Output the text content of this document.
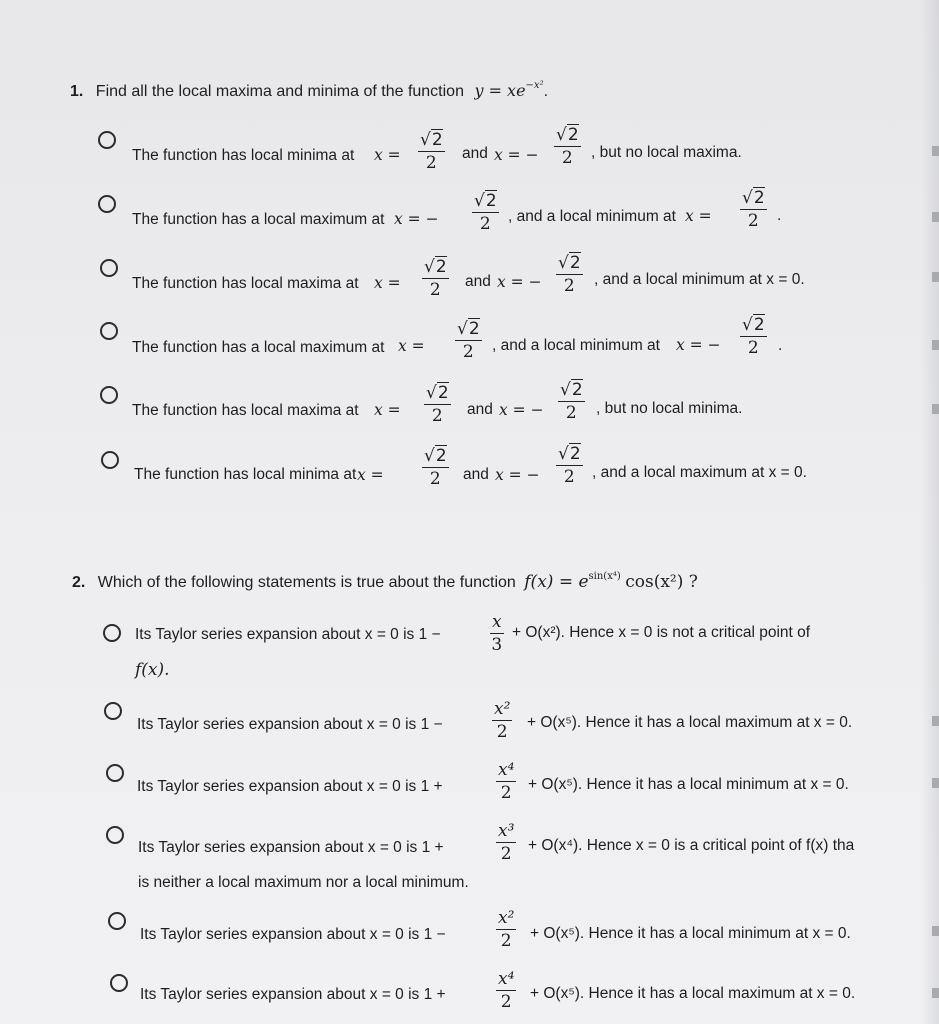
1. Find all the local maxima and minima of the function $y = xe^{-x^2}$.
The function has local minima at $x = \frac{√2}{2}$ and x = − $\frac{√2}{2}$ , but no local maxima.
The function has a local maximum at x = − $\frac{√2}{2}$ , and a local minimum at $x = \frac{√2}{2}$ .
The function has local maxima at $x = \frac{√2}{2}$ and x = − $\frac{√2}{2}$ , and a local minimum at x = 0.
The function has a local maximum at $x = \frac{√2}{2}$ , and a local minimum at x = − $\frac{√2}{2}$ .
The function has local maxima at $x = \frac{√2}{2}$ and x = − $\frac{√2}{2}$ , but no local minima.
The function has local minima at $x = \frac{√2}{2}$ and x = − $\frac{√2}{2}$ , and a local maximum at x = 0.
2. Which of the following statements is true about the function $f(x) = e^{sin(x^4)}$ cos(x²) ?
Its Taylor series expansion about x = 0 is 1 −	$\frac{x}{3} + O(x^2)$. Hence x = 0 is not a critical point of
f(x).
Its Taylor series expansion about x = 0 is 1 −	$\frac{\text{x²}}{2} + O(x^5)$. Hence it has a local maximum at x = 0.
Its Taylor series expansion about x = 0 is 1 +	$\frac{\text{x⁴}}{2} + O(x^5)$. Hence it has a local minimum at x = 0.
Its Taylor series expansion about x = 0 is 1 +	$\frac{\text{x³}}{2} + O(x^4)$. Hence x = 0 is a critical point of f(x) tha
is neither a local maximum nor a local minimum.
Its Taylor series expansion about x = 0 is 1 −	$\frac{\text{x²}}{2} + O(x^5)$. Hence it has a local minimum at x = 0.
Its Taylor series expansion about x = 0 is 1 +	$\frac{\text{x⁴}}{2} + O(x^5)$. Hence it has a local maximum at x = 0.
